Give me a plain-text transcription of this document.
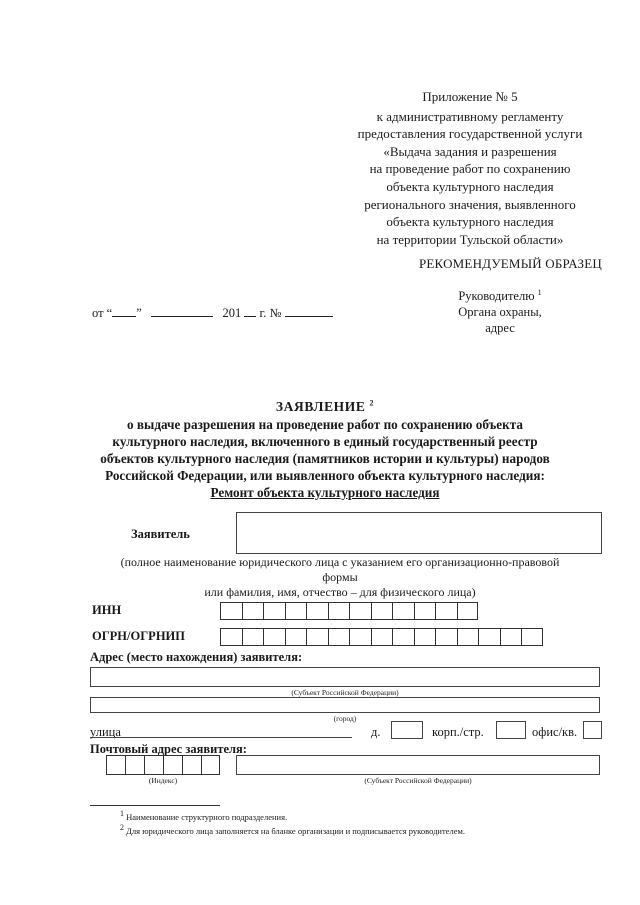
Приложение № 5
к административному регламенту
предоставления государственной услуги
«Выдача задания и разрешения
на проведение работ по сохранению
объекта культурного наследия
регионального значения, выявленного
объекта культурного наследия
на территории Тульской области»
РЕКОМЕНДУЕМЫЙ ОБРАЗЕЦ
Руководителю $^1$
Органа охраны,
адрес
от “ ”	201 г. №
ЗАЯВЛЕНИЕ $^2$
о выдаче разрешения на проведение работ по сохранению объекта
культурного наследия, включенного в единый государственный реестр
объектов культурного наследия (памятников истории и культуры) народов
Российской Федерации, или выявленного объекта культурного наследия:
Ремонт объекта культурного наследия
Заявитель
(полное наименование юридического лица с указанием его организационно-правовой
формы
или фамилия, имя, отчество – для физического лица)
ИНН
ОГРН/ОГРНИП
Адрес (место нахождения) заявителя:
(Субъект Российской Федерации)
(город)
улица	д.	корп./стр.	офис/кв.
Почтовый адрес заявителя:
(Индекс)	(Субъект Российской Федерации)
$^1$ Наименование структурного подразделения.
$^2$ Для юридического лица заполняется на бланке организации и подписывается руководителем.
